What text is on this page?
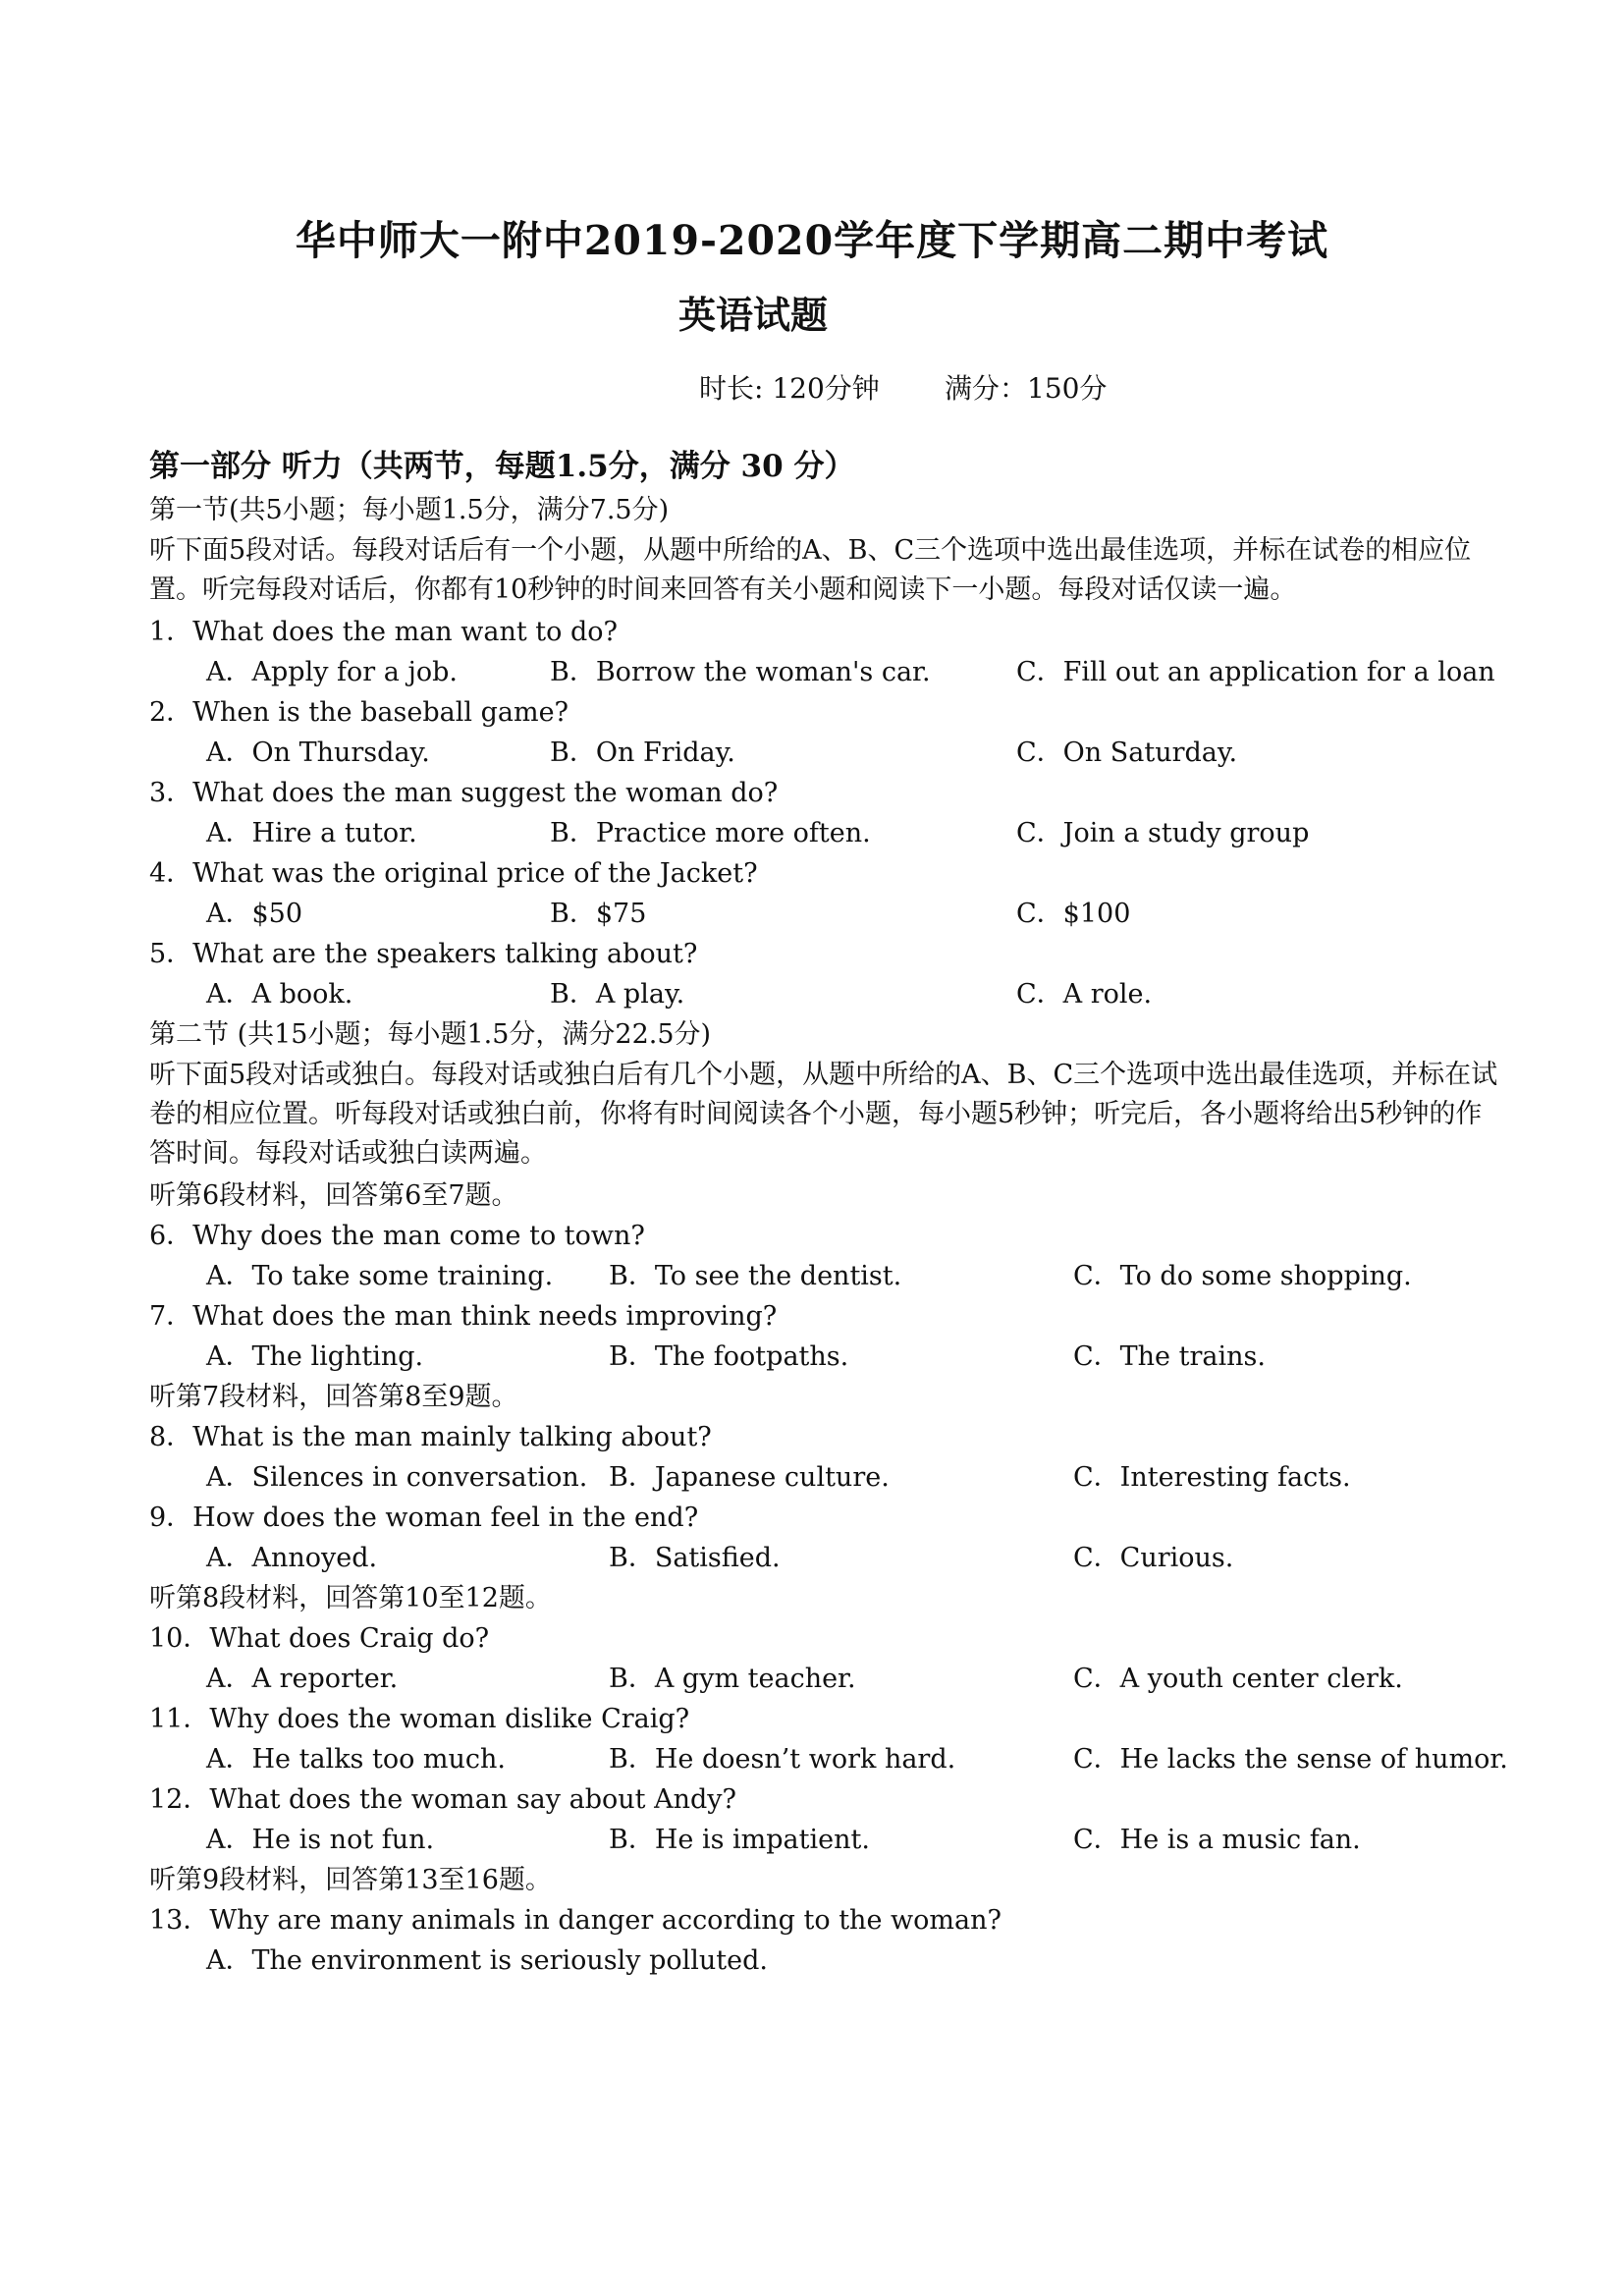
华中师大一附中2019-2020学年度下学期高二期中考试
英语试题
时长: 120分钟 满分：150分
第一部分 听力（共两节，每题1.5分，满分 30 分）
第一节(共5小题；每小题1.5分，满分7.5分)
听下面5段对话。每段对话后有一个小题，从题中所给的A、B、C三个选项中选出最佳选项，并标在试卷的相应位置。听完每段对话后，你都有10秒钟的时间来回答有关小题和阅读下一小题。每段对话仅读一遍。
1．What does the man want to do?
A．Apply for a job.	B．Borrow the woman's car.	C．Fill out an application for a loan
2．When is the baseball game?
A．On Thursday.	B．On Friday.	C．On Saturday.
3．What does the man suggest the woman do?
A．Hire a tutor.	B．Practice more often.	C．Join a study group
4．What was the original price of the Jacket?
A．$50	B．$75	C．$100
5．What are the speakers talking about?
A．A book.	B．A play.	C．A role.
第二节 (共15小题；每小题1.5分，满分22.5分)
听下面5段对话或独白。每段对话或独白后有几个小题，从题中所给的A、B、C三个选项中选出最佳选项，并标在试卷的相应位置。听每段对话或独白前，你将有时间阅读各个小题，每小题5秒钟；听完后，各小题将给出5秒钟的作答时间。每段对话或独白读两遍。
听第6段材料，回答第6至7题。
6．Why does the man come to town?
A．To take some training. B．To see the dentist.	C．To do some shopping.
7．What does the man think needs improving?
A．The lighting.	B．The footpaths.	C．The trains.
听第7段材料，回答第8至9题。
8．What is the man mainly talking about?
A．Silences in conversation. B．Japanese culture.	C．Interesting facts.
9．How does the woman feel in the end?
A．Annoyed.	B．Satisfied.	C．Curious.
听第8段材料，回答第10至12题。
10．What does Craig do?
A．A reporter.	B．A gym teacher.	C．A youth center clerk.
11．Why does the woman dislike Craig?
A．He talks too much.	B．He doesn’t work hard.	C．He lacks the sense of humor.
12．What does the woman say about Andy?
A．He is not fun.	B．He is impatient.	C．He is a music fan.
听第9段材料，回答第13至16题。
13．Why are many animals in danger according to the woman?
A．The environment is seriously polluted.
